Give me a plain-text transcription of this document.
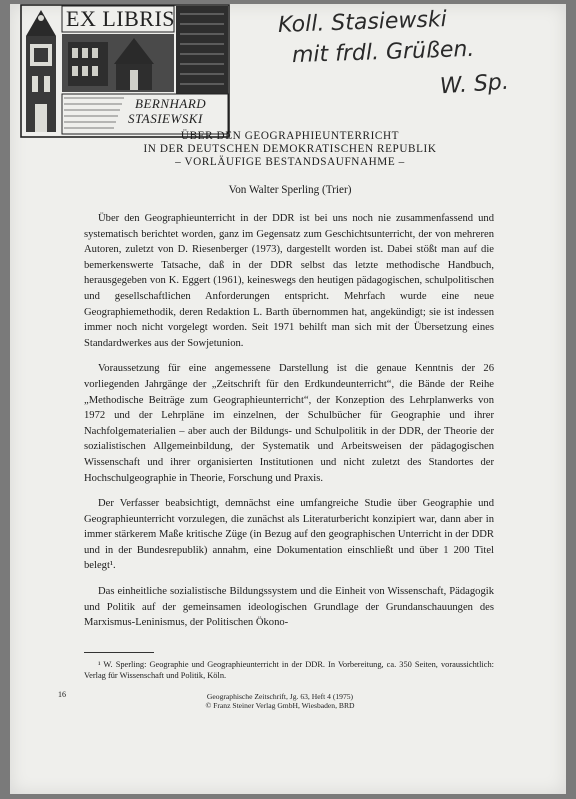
EX LIBRIS
BERNHARD
STASIEWSKI
Koll. Stasiewski
mit frdl. Grüßen.
W. Sp.
ÜBER DEN GEOGRAPHIEUNTERRICHT
IN DER DEUTSCHEN DEMOKRATISCHEN REPUBLIK
– VORLÄUFIGE BESTANDSAUFNAHME –
Von Walter Sperling (Trier)

Über den Geographieunterricht in der DDR ist bei uns noch nie zusammenfassend und systematisch berichtet worden, ganz im Gegensatz zum Geschichtsunterricht, der von mehreren Autoren, zuletzt von D. Riesenberger (1973), dargestellt worden ist. Dabei stößt man auf die bemerkenswerte Tatsache, daß in der DDR selbst das letzte methodische Handbuch, herausgegeben von K. Eggert (1961), keineswegs den heutigen pädagogischen, schulpolitischen und gesellschaftlichen Anforderungen entspricht. Mehrfach wurde eine neue Geographiemethodik, deren Redaktion L. Barth übernommen hat, angekündigt; sie ist indessen immer noch nicht vorgelegt worden. Seit 1971 behilft man sich mit der Übersetzung eines Standardwerkes aus der Sowjetunion.

Voraussetzung für eine angemessene Darstellung ist die genaue Kenntnis der 26 vorliegenden Jahrgänge der „Zeitschrift für den Erdkundeunterricht“, die Bände der Reihe „Methodische Beiträge zum Geographieunterricht“, der Konzeption des Lehrplanwerks von 1972 und der Lehrpläne im einzelnen, der Schulbücher für Geographie und ihrer Nachfolgematerialien – aber auch der Bildungs- und Schulpolitik in der DDR, der Theorie der sozialistischen Allgemeinbildung, der Systematik und Arbeitsweisen der pädagogischen Wissenschaft und ihrer organisierten Institutionen und nicht zuletzt des Standortes der Hochschulgeographie in Theorie, Forschung und Praxis.

Der Verfasser beabsichtigt, demnächst eine umfangreiche Studie über Geographie und Geographieunterricht vorzulegen, die zunächst als Literaturbericht konzipiert war, dann aber in immer stärkerem Maße kritische Züge (in Bezug auf den geographischen Unterricht in der DDR und in der Bundesrepublik) annahm, eine Dokumentation einschließt und über 1 200 Titel belegt¹.

Das einheitliche sozialistische Bildungssystem und die Einheit von Wissenschaft, Pädagogik und Politik auf der gemeinsamen ideologischen Grundlage der Grundanschauungen des Marxismus-Leninismus, der Politischen Ökono-

¹ W. Sperling: Geographie und Geographieunterricht in der DDR. In Vorbereitung, ca. 350 Seiten, voraussichtlich: Verlag für Wissenschaft und Politik, Köln.
16	Geographische Zeitschrift, Jg. 63, Heft 4 (1975)
© Franz Steiner Verlag GmbH, Wiesbaden, BRD
